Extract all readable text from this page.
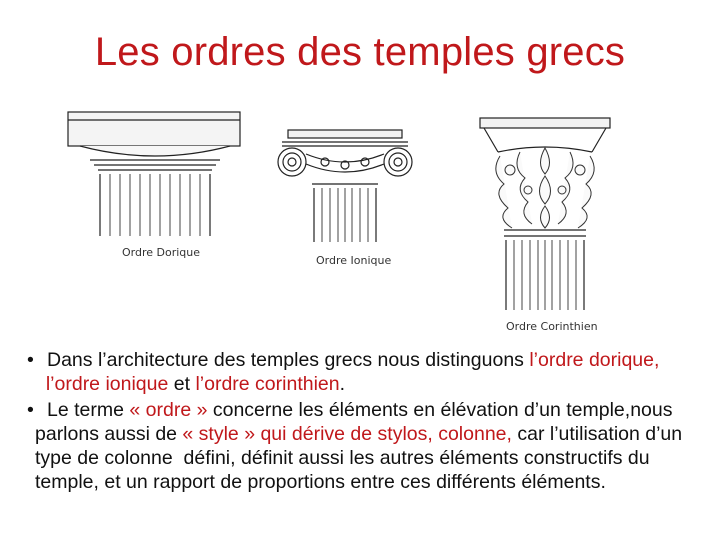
Les ordres des temples grecs
Ordre Dorique
Ordre Ionique
Ordre Corinthien
• Dans l’architecture des temples grecs nous distinguons l’ordre dorique,  l’ordre ionique et l’ordre corinthien.
• Le terme « ordre » concerne les éléments en élévation d’un temple,nous parlons aussi de « style » qui dérive de stylos, colonne, car l’utilisation d’un type de colonne  défini, définit aussi les autres éléments constructifs du temple, et un rapport de proportions entre ces différents éléments.
